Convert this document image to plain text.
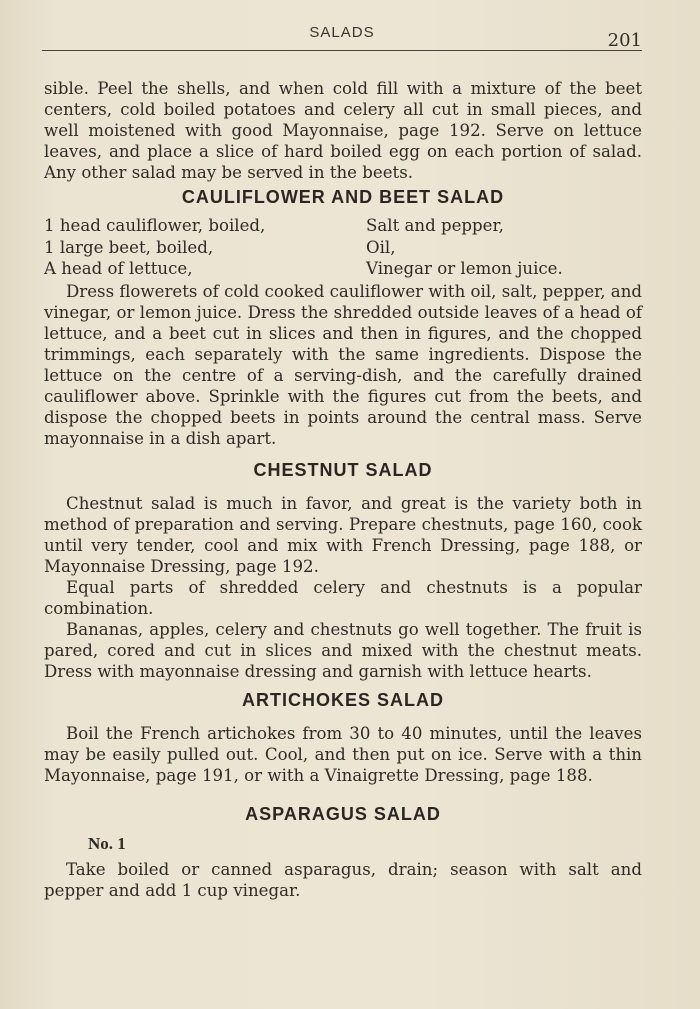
SALADS	201

sible. Peel the shells, and when cold fill with a mixture of the beet centers, cold boiled potatoes and celery all cut in small pieces, and well moistened with good Mayonnaise, page 192. Serve on lettuce leaves, and place a slice of hard boiled egg on each portion of salad. Any other salad may be served in the beets.

CAULIFLOWER AND BEET SALAD
1 head cauliflower, boiled,
1 large beet, boiled,
A head of lettuce,
Salt and pepper,
Oil,
Vinegar or lemon juice.

Dress flowerets of cold cooked cauliflower with oil, salt, pepper, and vinegar, or lemon juice. Dress the shredded outside leaves of a head of lettuce, and a beet cut in slices and then in figures, and the chopped trimmings, each separately with the same ingredients. Dispose the lettuce on the centre of a serving-dish, and the carefully drained cauliflower above. Sprinkle with the figures cut from the beets, and dispose the chopped beets in points around the central mass. Serve mayonnaise in a dish apart.

CHESTNUT SALAD

Chestnut salad is much in favor, and great is the variety both in method of preparation and serving. Prepare chestnuts, page 160, cook until very tender, cool and mix with French Dressing, page 188, or Mayonnaise Dressing, page 192.

Equal parts of shredded celery and chestnuts is a popular combination.

Bananas, apples, celery and chestnuts go well together. The fruit is pared, cored and cut in slices and mixed with the chestnut meats. Dress with mayonnaise dressing and garnish with lettuce hearts.

ARTICHOKES SALAD

Boil the French artichokes from 30 to 40 minutes, until the leaves may be easily pulled out. Cool, and then put on ice. Serve with a thin Mayonnaise, page 191, or with a Vinaigrette Dressing, page 188.

ASPARAGUS SALAD
No. 1

Take boiled or canned asparagus, drain; season with salt and pepper and add 1 cup vinegar.
